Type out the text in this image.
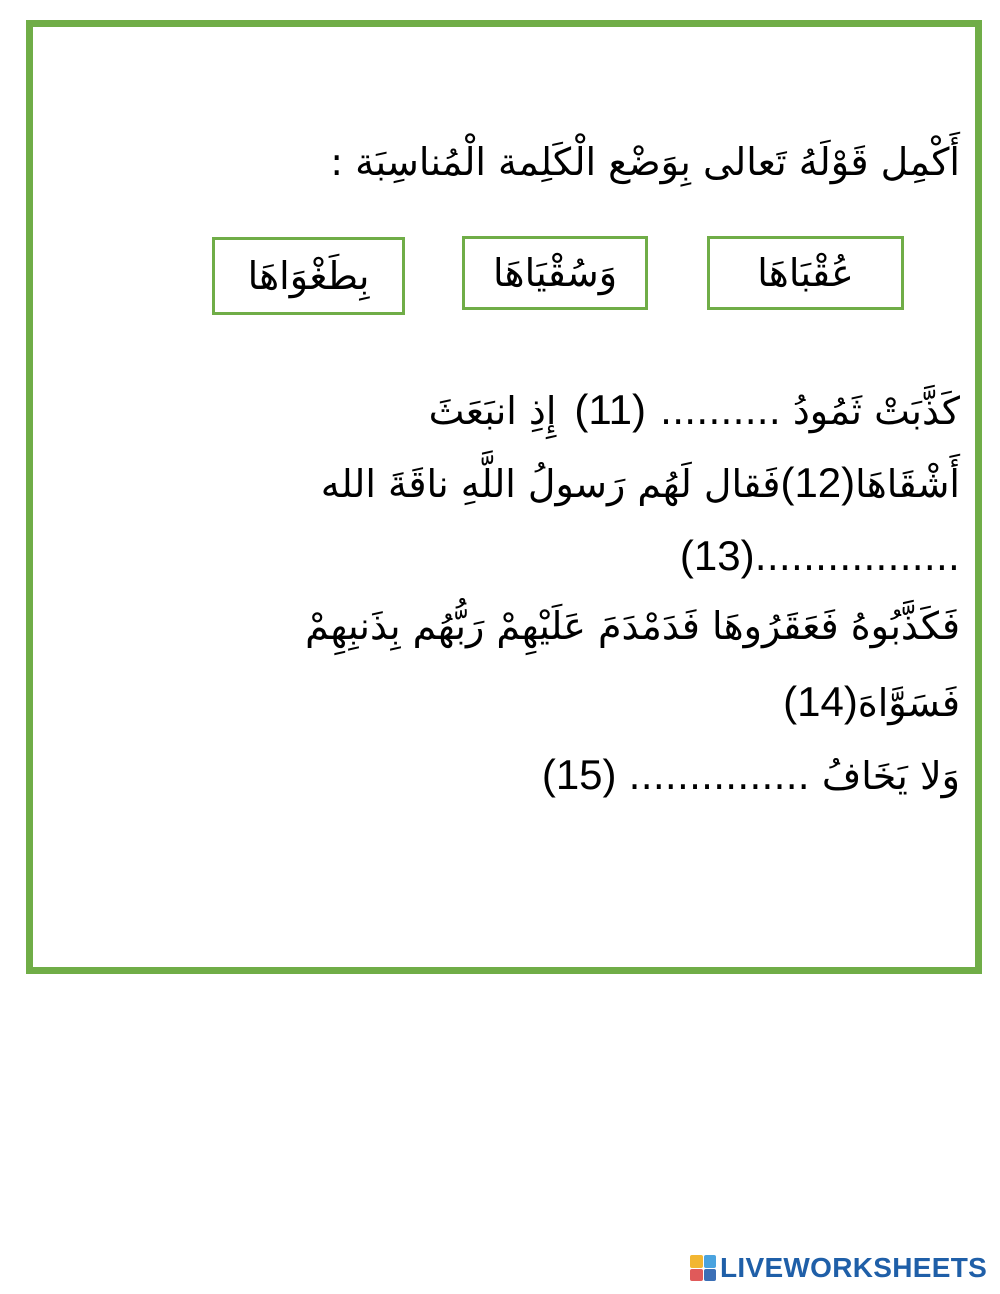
أَكْمِل قَوْلَهُ تَعالى بِوَضْع الْكَلِمة الْمُناسِبَة :
عُقْبَاهَا
وَسُقْيَاهَا
بِطَغْوَاهَا
كَذَّبَتْ ثَمُودُ ..........(11)إِذِ انبَعَثَ
أَشْقَاهَا(12)فَقال لَهُم رَسولُ اللَّهِ ناقَةَ الله
.................(13)
فَكَذَّبُوهُ فَعَقَرُوهَا فَدَمْدَمَ عَلَيْهِمْ رَبُّهُم بِذَنبِهِمْ
فَسَوَّاهَ(14)
وَلا يَخَافُ ...............(15)
LIVEWORKSHEETS
